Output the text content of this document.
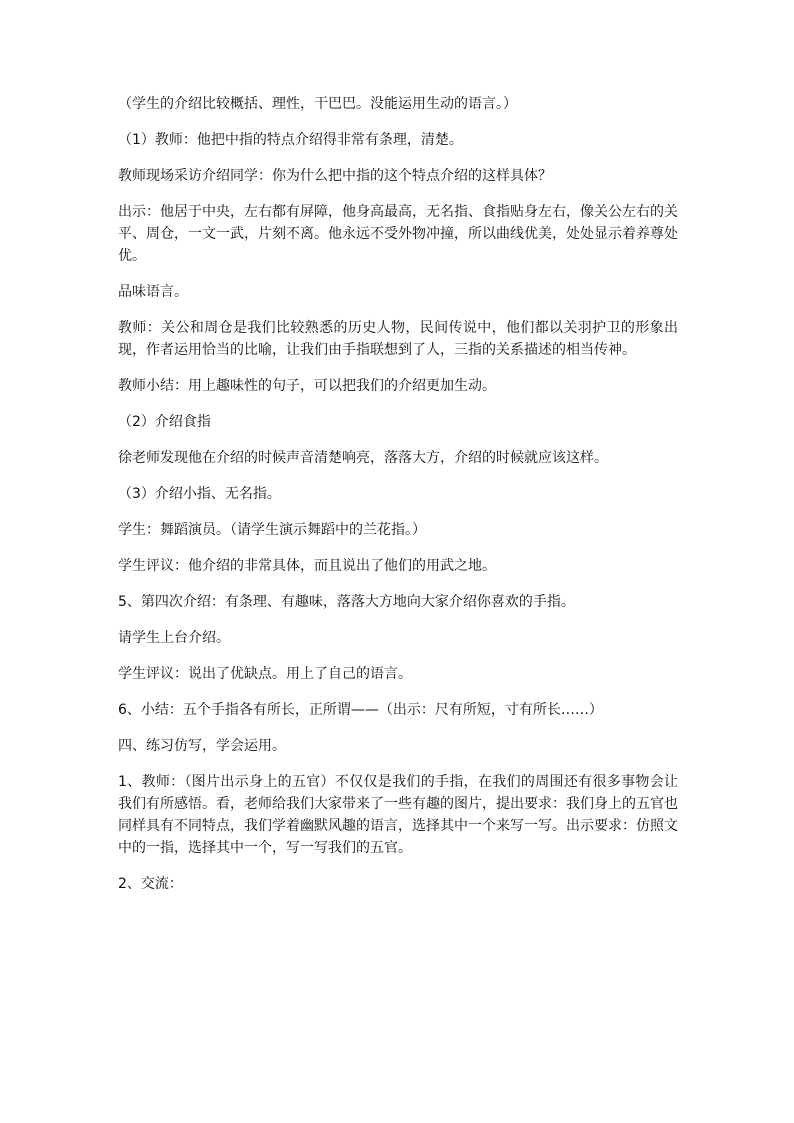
（学生的介绍比较概括、理性，干巴巴。没能运用生动的语言。）

（1）教师：他把中指的特点介绍得非常有条理，清楚。

教师现场采访介绍同学：你为什么把中指的这个特点介绍的这样具体？

出示：他居于中央，左右都有屏障，他身高最高，无名指、食指贴身左右，像关公左右的关平、周仓，一文一武，片刻不离。他永远不受外物冲撞，所以曲线优美，处处显示着养尊处优。

品味语言。

教师：关公和周仓是我们比较熟悉的历史人物，民间传说中，他们都以关羽护卫的形象出现，作者运用恰当的比喻，让我们由手指联想到了人，三指的关系描述的相当传神。

教师小结：用上趣味性的句子，可以把我们的介绍更加生动。

（2）介绍食指

徐老师发现他在介绍的时候声音清楚响亮，落落大方，介绍的时候就应该这样。

（3）介绍小指、无名指。

学生：舞蹈演员。（请学生演示舞蹈中的兰花指。）

学生评议：他介绍的非常具体，而且说出了他们的用武之地。

5、第四次介绍：有条理、有趣味，落落大方地向大家介绍你喜欢的手指。

请学生上台介绍。

学生评议：说出了优缺点。用上了自己的语言。

6、小结：五个手指各有所长，正所谓——（出示：尺有所短，寸有所长……）

四、练习仿写，学会运用。

1、教师：（图片出示身上的五官）不仅仅是我们的手指，在我们的周围还有很多事物会让我们有所感悟。看，老师给我们大家带来了一些有趣的图片，提出要求：我们身上的五官也同样具有不同特点，我们学着幽默风趣的语言，选择其中一个来写一写。出示要求：仿照文中的一指，选择其中一个，写一写我们的五官。

2、交流：
